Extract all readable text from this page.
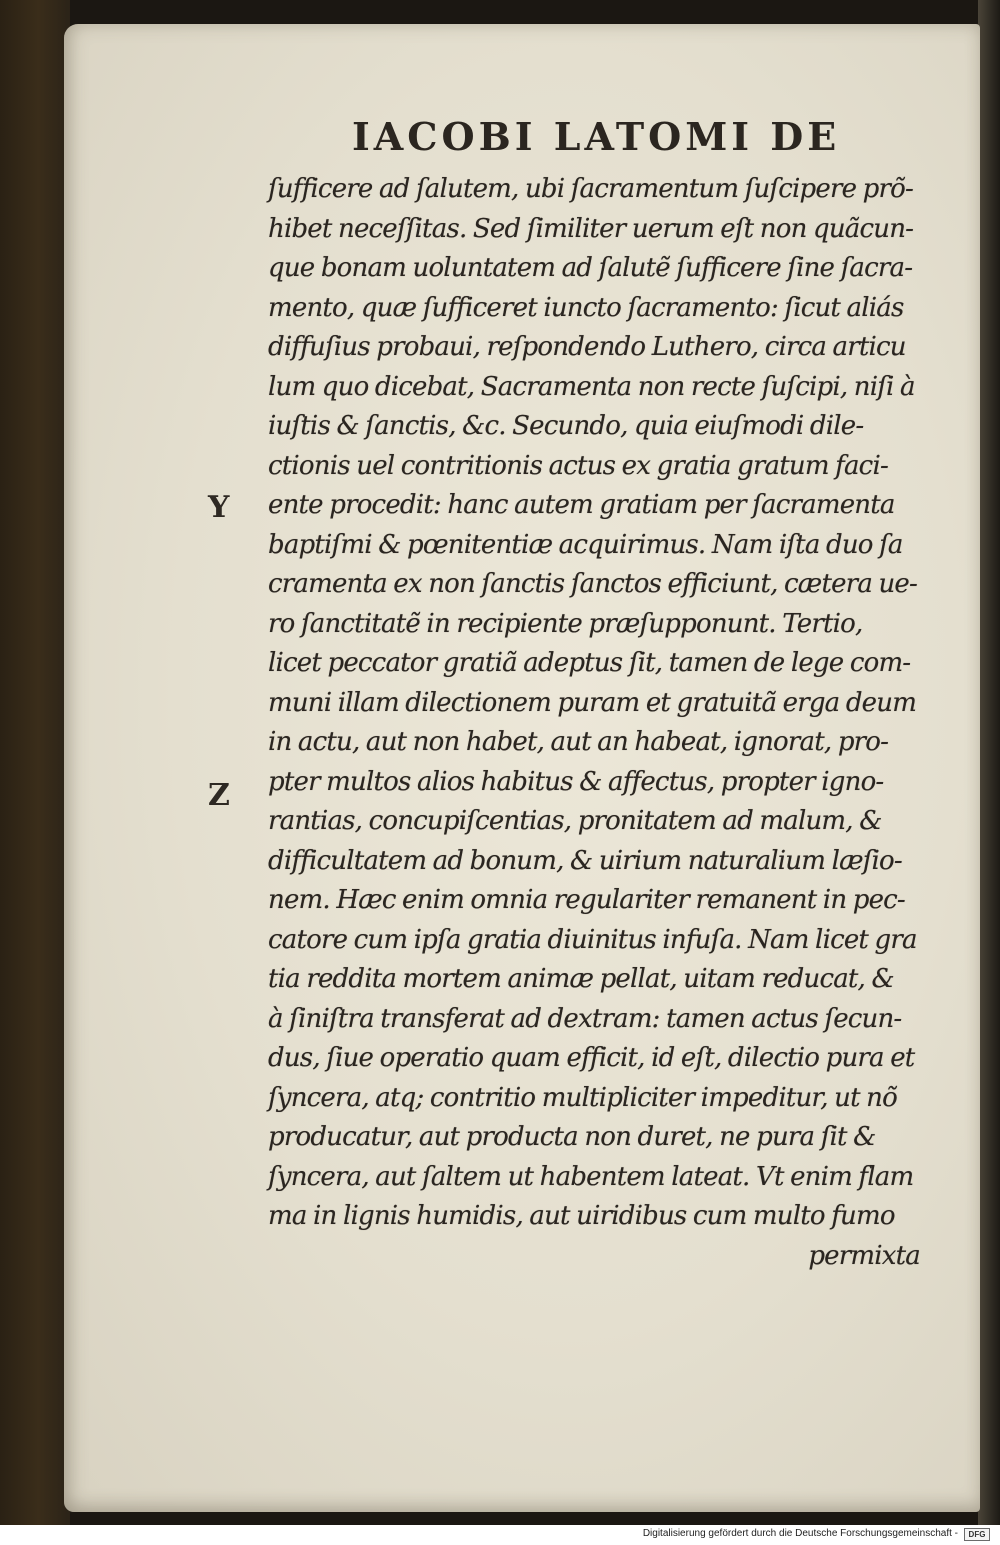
IACOBI LATOMI DE
Y
Z
ſufficere ad ſalutem, ubi ſacramentum ſuſcipere prõ-
hibet neceſſitas. Sed ſimiliter uerum eſt non quãcun-
que bonam uoluntatem ad ſalutẽ ſufficere ſine ſacra-
mento, quæ ſufficeret iuncto ſacramento: ſicut aliás
diffuſius probaui, reſpondendo Luthero, circa articu
lum quo dicebat, Sacramenta non recte ſuſcipi, niſi à
iuſtis & ſanctis, &c. Secundo, quia eiuſmodi dile-
ctionis uel contritionis actus ex gratia gratum faci-
ente procedit: hanc autem gratiam per ſacramenta
baptiſmi & pœnitentiæ acquirimus. Nam iſta duo ſa
cramenta ex non ſanctis ſanctos efficiunt, cætera ue-
ro ſanctitatẽ in recipiente præſupponunt. Tertio,
licet peccator gratiã adeptus ſit, tamen de lege com-
muni illam dilectionem puram et gratuitã erga deum
in actu, aut non habet, aut an habeat, ignorat, pro-
pter multos alios habitus & affectus, propter igno-
rantias, concupiſcentias, pronitatem ad malum, &
difficultatem ad bonum, & uirium naturalium læſio-
nem. Hæc enim omnia regulariter remanent in pec-
catore cum ipſa gratia diuinitus infuſa. Nam licet gra
tia reddita mortem animæ pellat, uitam reducat, &
à ſiniſtra transferat ad dextram: tamen actus ſecun-
dus, ſiue operatio quam efficit, id eſt, dilectio pura et
ſyncera, atq; contritio multipliciter impeditur, ut nõ
producatur, aut producta non duret, ne pura ſit &
ſyncera, aut ſaltem ut habentem lateat. Vt enim flam
ma in lignis humidis, aut uiridibus cum multo fumo
permixta
Digitalisierung gefördert durch die Deutsche Forschungsgemeinschaft -	DFG
